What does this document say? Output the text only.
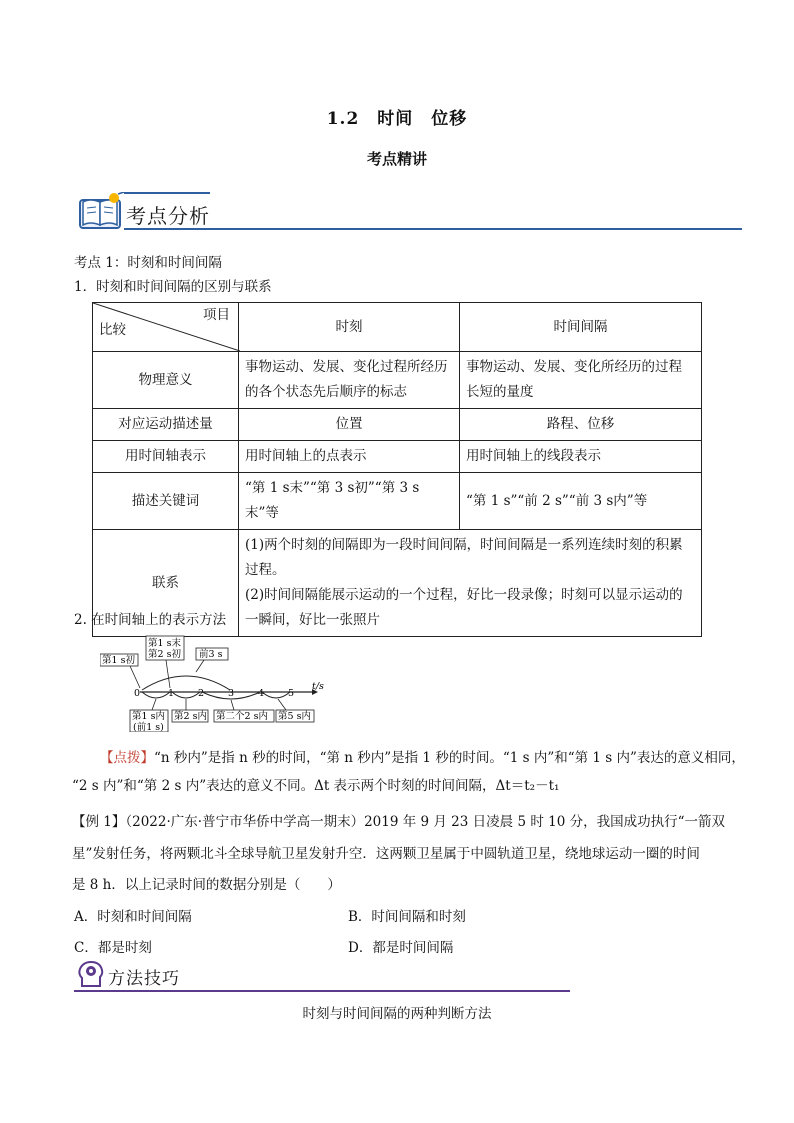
1.2　时间　位移
考点精讲
考点分析
考点 1：时刻和时间间隔
1．时刻和时间间隔的区别与联系
项目
比较	时刻	时间间隔
物理意义	事物运动、发展、变化过程所经历
的各个状态先后顺序的标志	事物运动、发展、变化所经历的过程
长短的量度
对应运动描述量	位置	路程、位移
用时间轴表示	用时间轴上的点表示	用时间轴上的线段表示
描述关键词	“第 1 s末”“第 3 s初”“第 3 s末”等	“第 1 s”“前 2 s”“前 3 s内”等
联系	(1)两个时刻的间隔即为一段时间间隔，时间间隔是一系列连续时刻的积累
过程。
(2)时间间隔能展示运动的一个过程，好比一段录像；时刻可以显示运动的
一瞬间，好比一张照片	
2. 在时间轴上的表示方法
t/s
0	1	2	3	4	5
第1 s初
第1 s末
第2 s初 前3 s
第1 s内
(前1 s)
第2 s内 第二个2 s内 第5 s内
【点拨】“n 秒内”是指 n 秒的时间，“第 n 秒内”是指 1 秒的时间。“1 s 内”和“第 1 s 内”表达的意义相同，
“2 s 内”和“第 2 s 内”表达的意义不同。Δt 表示两个时刻的时间间隔，Δt＝t₂－t₁
【例 1】（2022·广东·普宁市华侨中学高一期末）2019 年 9 月 23 日凌晨 5 时 10 分，我国成功执行“一箭双
星”发射任务，将两颗北斗全球导航卫星发射升空．这两颗卫星属于中圆轨道卫星，绕地球运动一圈的时间
是 8 h．以上记录时间的数据分别是（　　）
A．时刻和时间间隔	B．时间间隔和时刻
C．都是时刻	D．都是时间间隔
方法技巧
时刻与时间间隔的两种判断方法
